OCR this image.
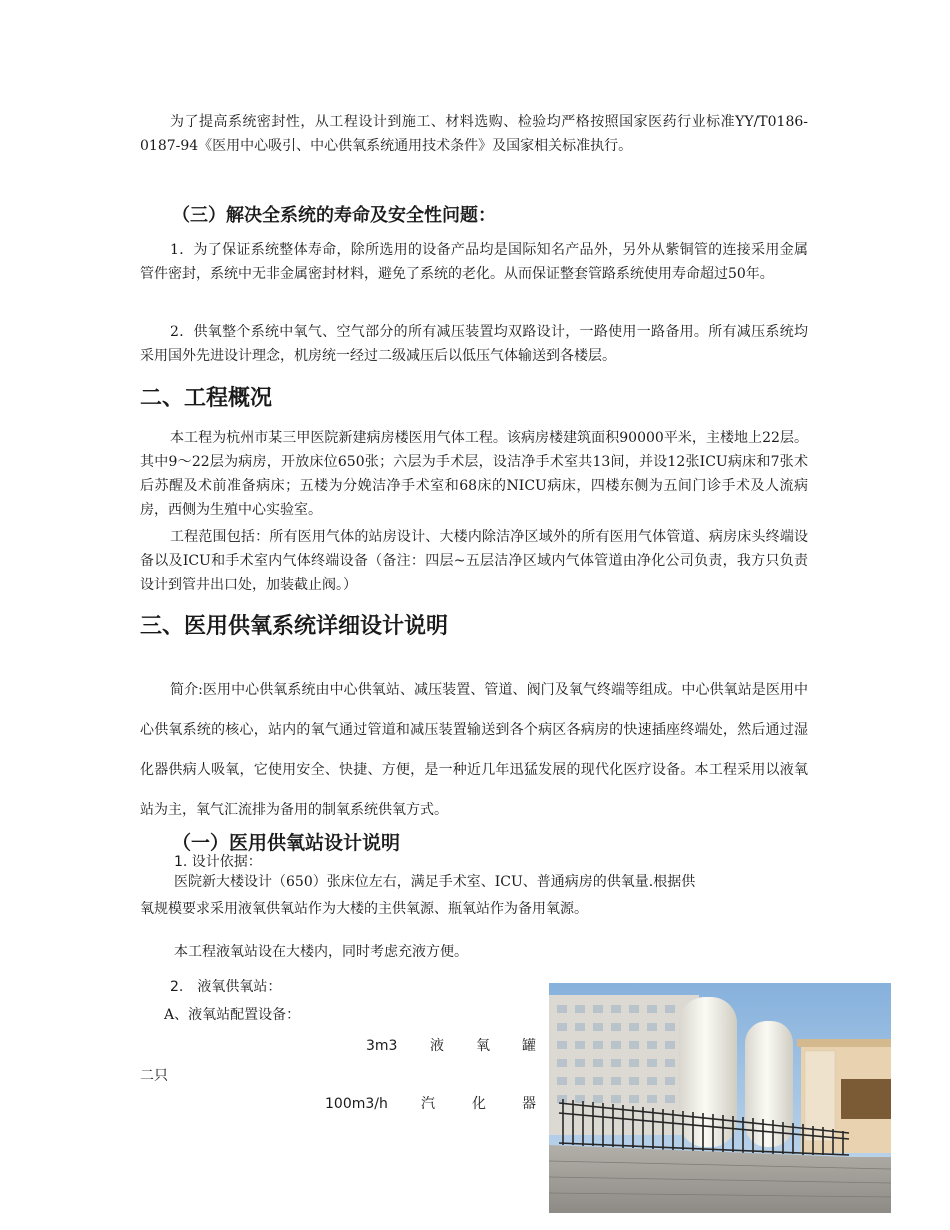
为了提高系统密封性，从工程设计到施工、材料选购、检验均严格按照国家医药行业标准YY/T0186-0187-94《医用中心吸引、中心供氧系统通用技术条件》及国家相关标准执行。

（三）解决全系统的寿命及安全性问题：

1．为了保证系统整体寿命，除所选用的设备产品均是国际知名产品外，另外从紫铜管的连接采用金属管件密封，系统中无非金属密封材料，避免了系统的老化。从而保证整套管路系统使用寿命超过50年。

2．供氧整个系统中氧气、空气部分的所有减压装置均双路设计，一路使用一路备用。所有减压系统均采用国外先进设计理念，机房统一经过二级减压后以低压气体输送到各楼层。

二、工程概况

本工程为杭州市某三甲医院新建病房楼医用气体工程。该病房楼建筑面积90000平米，主楼地上22层。其中9～22层为病房，开放床位650张；六层为手术层，设洁净手术室共13间，并设12张ICU病床和7张术后苏醒及术前准备病床；五楼为分娩洁净手术室和68床的NICU病床，四楼东侧为五间门诊手术及人流病房，西侧为生殖中心实验室。

工程范围包括：所有医用气体的站房设计、大楼内除洁净区域外的所有医用气体管道、病房床头终端设备以及ICU和手术室内气体终端设备（备注：四层~五层洁净区域内气体管道由净化公司负责，我方只负责设计到管井出口处，加装截止阀。）

三、医用供氧系统详细设计说明

简介:医用中心供氧系统由中心供氧站、减压装置、管道、阀门及氧气终端等组成。中心供氧站是医用中心供氧系统的核心，站内的氧气通过管道和减压装置输送到各个病区各病房的快速插座终端处，然后通过湿化器供病人吸氧，它使用安全、快捷、方便，是一种近几年迅猛发展的现代化医疗设备。本工程采用以液氧站为主，氧气汇流排为备用的制氧系统供氧方式。

（一）医用供氧站设计说明

1. 设计依据：

医院新大楼设计（650）张床位左右，满足手术室、ICU、普通病房的供氧量.根据供

氧规模要求采用液氧供氧站作为大楼的主供氧源、瓶氧站作为备用氧源。

本工程液氧站设在大楼内，同时考虑充液方便。

2.　液氧供氧站：

A、液氧站配置设备：

3m3 液 氧 罐

二只

100m3/h 汽	化	器
